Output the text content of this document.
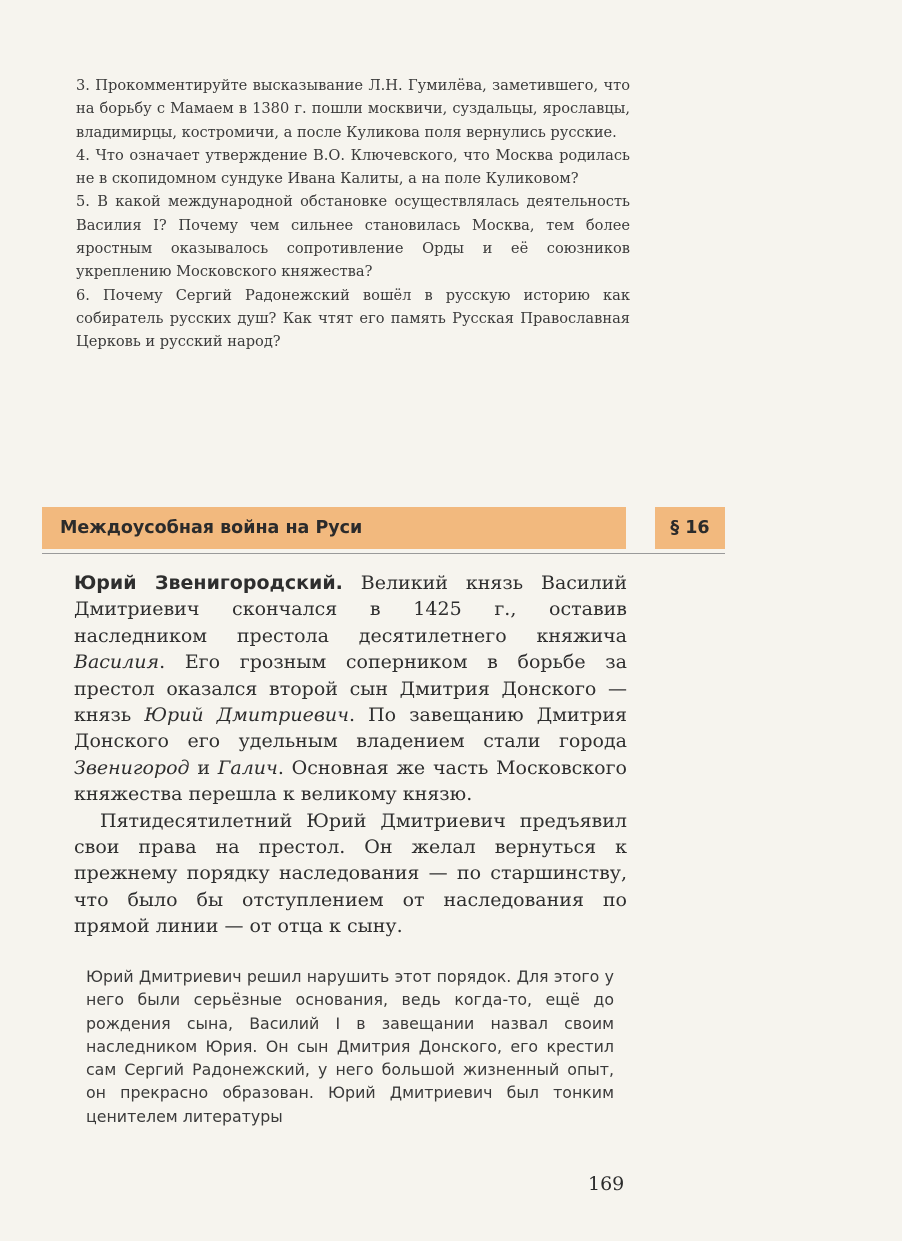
3. Прокомментируйте высказывание Л.Н. Гумилёва, заметившего, что на борьбу с Мамаем в 1380 г. пошли москвичи, суздальцы, ярославцы, владимирцы, костромичи, а после Куликова поля вернулись русские.

4. Что означает утверждение В.О. Ключевского, что Москва родилась не в скопидомном сундуке Ивана Калиты, а на поле Куликовом?

5. В какой международной обстановке осуществлялась деятельность Василия I? Почему чем сильнее становилась Москва, тем более яростным оказывалось сопротивление Орды и её союзников укреплению Московского княжества?

6. Почему Сергий Радонежский вошёл в русскую историю как собиратель русских душ? Как чтят его память Русская Православная Церковь и русский народ?

Междоусобная война на Руси	§ 16

Юрий Звенигородский. Великий князь Василий Дмитриевич скончался в 1425 г., оставив наследником престола десятилетнего княжича Василия. Его грозным соперником в борьбе за престол оказался второй сын Дмитрия Донского — князь Юрий Дмитриевич. По завещанию Дмитрия Донского его удельным владением стали города Звенигород и Галич. Основная же часть Московского княжества перешла к великому князю.

Пятидесятилетний Юрий Дмитриевич предъявил свои права на престол. Он желал вернуться к прежнему порядку наследования — по старшинству, что было бы отступлением от наследования по прямой линии — от отца к сыну.

Юрий Дмитриевич решил нарушить этот порядок. Для этого у него были серьёзные основания, ведь когда-то, ещё до рождения сына, Василий I в завещании назвал своим наследником Юрия. Он сын Дмитрия Донского, его крестил сам Сергий Радонежский, у него большой жизненный опыт, он прекрасно образован. Юрий Дмитриевич был тонким ценителем литературы

169
